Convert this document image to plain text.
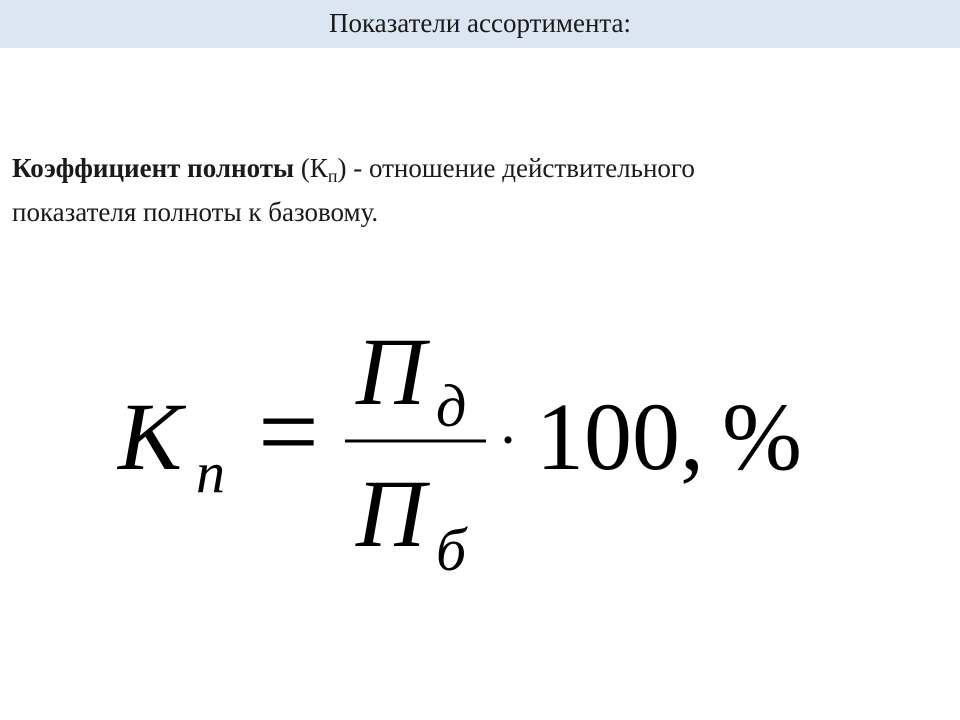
Показатели ассортимента:
Коэффициент полноты $(К_п)$ - отношение действительного
показателя полноты к базовому.
K n =
П д
П б
· 100, %
